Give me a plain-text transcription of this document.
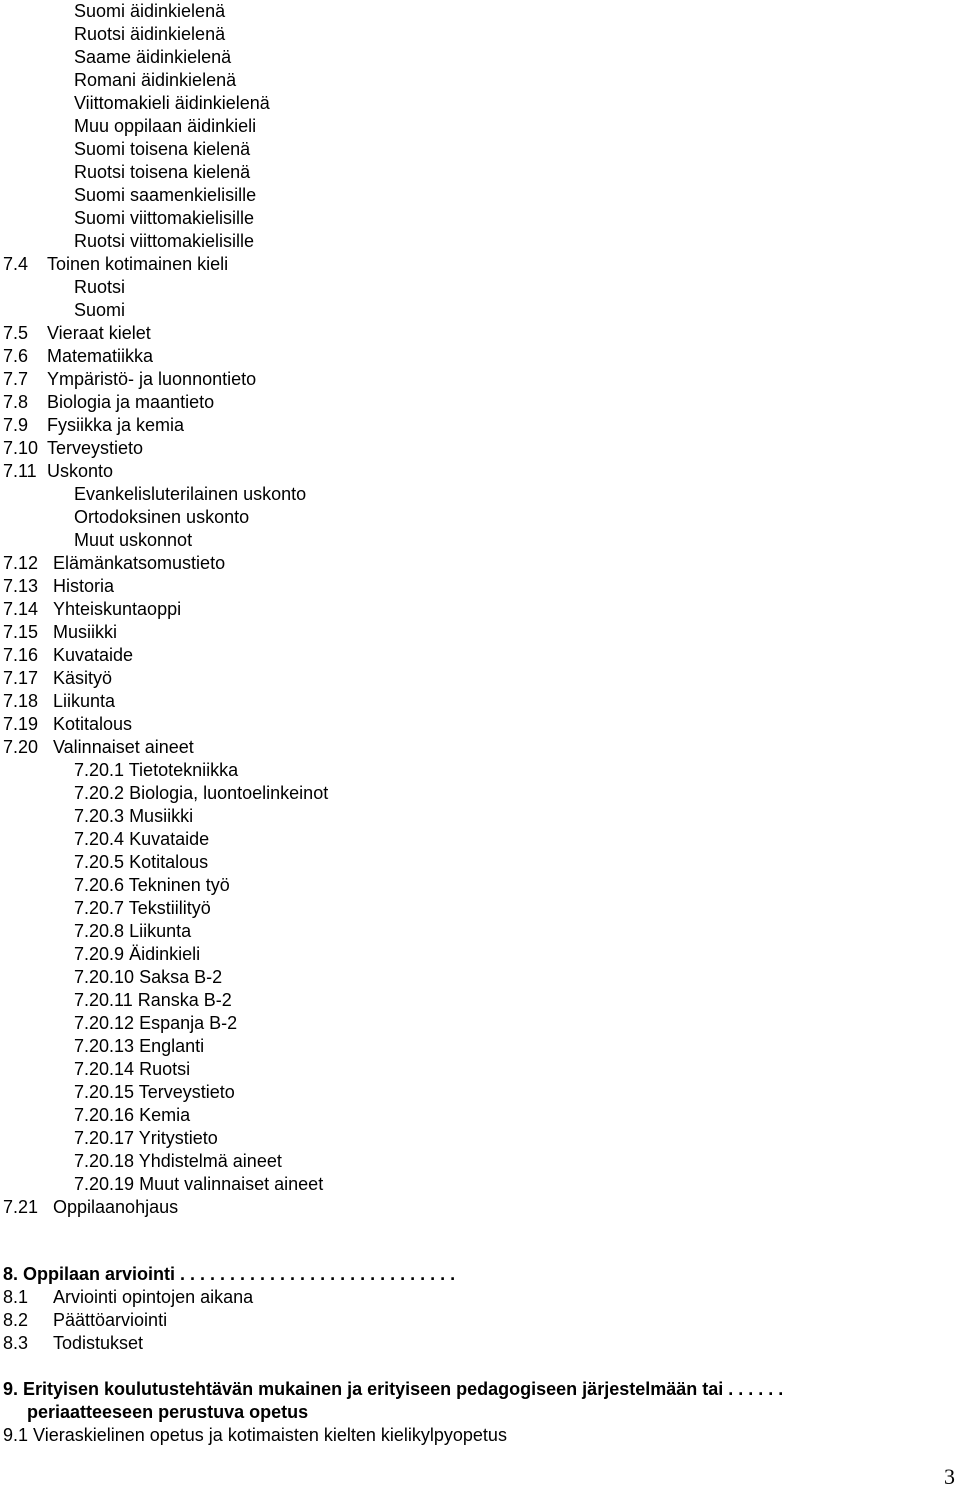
Suomi äidinkielenä
Ruotsi äidinkielenä
Saame äidinkielenä
Romani äidinkielenä
Viittomakieli äidinkielenä
Muu oppilaan äidinkieli
Suomi toisena kielenä
Ruotsi toisena kielenä
Suomi saamenkielisille
Suomi viittomakielisille
Ruotsi viittomakielisille
7.4 Toinen kotimainen kieli
Ruotsi
Suomi
7.5 Vieraat kielet
7.6 Matematiikka
7.7 Ympäristö- ja luonnontieto
7.8 Biologia ja maantieto
7.9 Fysiikka ja kemia
7.10 Terveystieto
7.11 Uskonto
Evankelisluterilainen uskonto
Ortodoksinen uskonto
Muut uskonnot
7.12 Elämänkatsomustieto
7.13 Historia
7.14 Yhteiskuntaoppi
7.15 Musiikki
7.16 Kuvataide
7.17 Käsityö
7.18 Liikunta
7.19 Kotitalous
7.20 Valinnaiset aineet
7.20.1 Tietotekniikka
7.20.2 Biologia, luontoelinkeinot
7.20.3 Musiikki
7.20.4 Kuvataide
7.20.5 Kotitalous
7.20.6 Tekninen työ
7.20.7 Tekstiilityö
7.20.8 Liikunta
7.20.9 Äidinkieli
7.20.10 Saksa B-2
7.20.11 Ranska B-2
7.20.12 Espanja B-2
7.20.13 Englanti
7.20.14 Ruotsi
7.20.15 Terveystieto
7.20.16 Kemia
7.20.17 Yritystieto
7.20.18 Yhdistelmä aineet
7.20.19 Muut valinnaiset aineet
7.21 Oppilaanohjaus
8. Oppilaan arviointi . . . . . . . . . . . . . . . . . . . . . . . . . . . .
8.1 Arviointi opintojen aikana
8.2 Päättöarviointi
8.3 Todistukset
9. Erityisen koulutustehtävän mukainen ja erityiseen pedagogiseen järjestelmään tai . . . . . .
periaatteeseen perustuva opetus
9.1 Vieraskielinen opetus ja kotimaisten kielten kielikylpyopetus
3
